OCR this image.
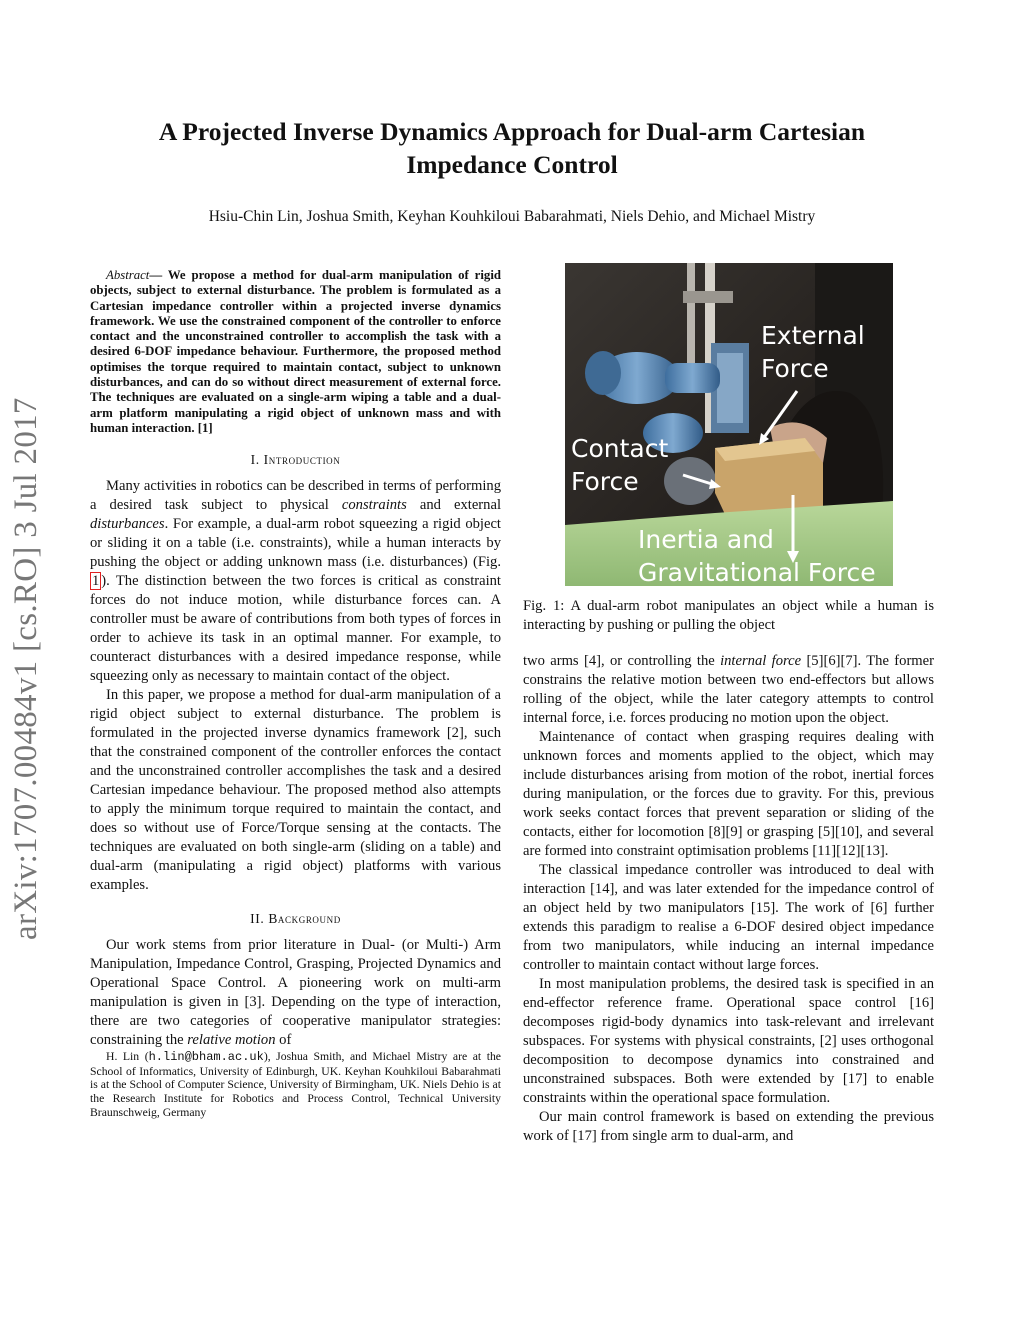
A Projected Inverse Dynamics Approach for Dual-arm Cartesian Impedance Control

Hsiu-Chin Lin, Joshua Smith, Keyhan Kouhkiloui Babarahmati, Niels Dehio, and Michael Mistry

arXiv:1707.00484v1 [cs.RO] 3 Jul 2017

Abstract— We propose a method for dual-arm manipulation of rigid objects, subject to external disturbance. The problem is formulated as a Cartesian impedance controller within a projected inverse dynamics framework. We use the constrained component of the controller to enforce contact and the unconstrained controller to accomplish the task with a desired 6-DOF impedance behaviour. Furthermore, the proposed method optimises the torque required to maintain contact, subject to unknown disturbances, and can do so without direct measurement of external force. The techniques are evaluated on a single-arm wiping a table and a dual-arm platform manipulating a rigid object of unknown mass and with human interaction. [1]

I. Introduction

Many activities in robotics can be described in terms of performing a desired task subject to physical constraints and external disturbances. For example, a dual-arm robot squeezing a rigid object or sliding it on a table (i.e. constraints), while a human interacts by pushing the object or adding unknown mass (i.e. disturbances) (Fig. 1 ). The distinction between the two forces is critical as constraint forces do not induce motion, while disturbance forces can. A controller must be aware of contributions from both types of forces in order to achieve its task in an optimal manner. For example, to counteract disturbances with a desired impedance response, while squeezing only as necessary to maintain contact of the object.

In this paper, we propose a method for dual-arm manipulation of a rigid object subject to external disturbance. The problem is formulated in the projected inverse dynamics framework [2], such that the constrained component of the controller enforces the contact and the unconstrained controller accomplishes the task and a desired Cartesian impedance behaviour. The proposed method also attempts to apply the minimum torque required to maintain the contact, and does so without use of Force/Torque sensing at the contacts. The techniques are evaluated on both single-arm (sliding on a table) and dual-arm (manipulating a rigid object) platforms with various examples.

II. Background

Our work stems from prior literature in Dual- (or Multi-) Arm Manipulation, Impedance Control, Grasping, Projected Dynamics and Operational Space Control. A pioneering work on multi-arm manipulation is given in [3]. Depending on the type of interaction, there are two categories of cooperative manipulator strategies: constraining the relative motion of

H. Lin (h.lin@bham.ac.uk), Joshua Smith, and Michael Mistry are at the School of Informatics, University of Edinburgh, UK. Keyhan Kouhkiloui Babarahmati is at the School of Computer Science, University of Birmingham, UK. Niels Dehio is at the Research Institute for Robotics and Process Control, Technical University Braunschweig, Germany

External Force
Contact Force
Inertia and
Gravitational Force

Fig. 1: A dual-arm robot manipulates an object while a human is interacting by pushing or pulling the object

two arms [4], or controlling the internal force [5][6][7]. The former constrains the relative motion between two end-effectors but allows rolling of the object, while the later category attempts to control internal force, i.e. forces producing no motion upon the object.

Maintenance of contact when grasping requires dealing with unknown forces and moments applied to the object, which may include disturbances arising from motion of the robot, inertial forces during manipulation, or the forces due to gravity. For this, previous work seeks contact forces that prevent separation or sliding of the contacts, either for locomotion [8][9] or grasping [5][10], and several are formed into constraint optimisation problems [11][12][13].

The classical impedance controller was introduced to deal with interaction [14], and was later extended for the impedance control of an object held by two manipulators [15]. The work of [6] further extends this paradigm to realise a 6-DOF desired object impedance from two manipulators, while inducing an internal impedance controller to maintain contact without large forces.

In most manipulation problems, the desired task is specified in an end-effector reference frame. Operational space control [16] decomposes rigid-body dynamics into task-relevant and irrelevant subspaces. For systems with physical constraints, [2] uses orthogonal decomposition to decompose dynamics into constrained and unconstrained subspaces. Both were extended by [17] to enable constraints within the operational space formulation.

Our main control framework is based on extending the previous work of [17] from single arm to dual-arm, and
